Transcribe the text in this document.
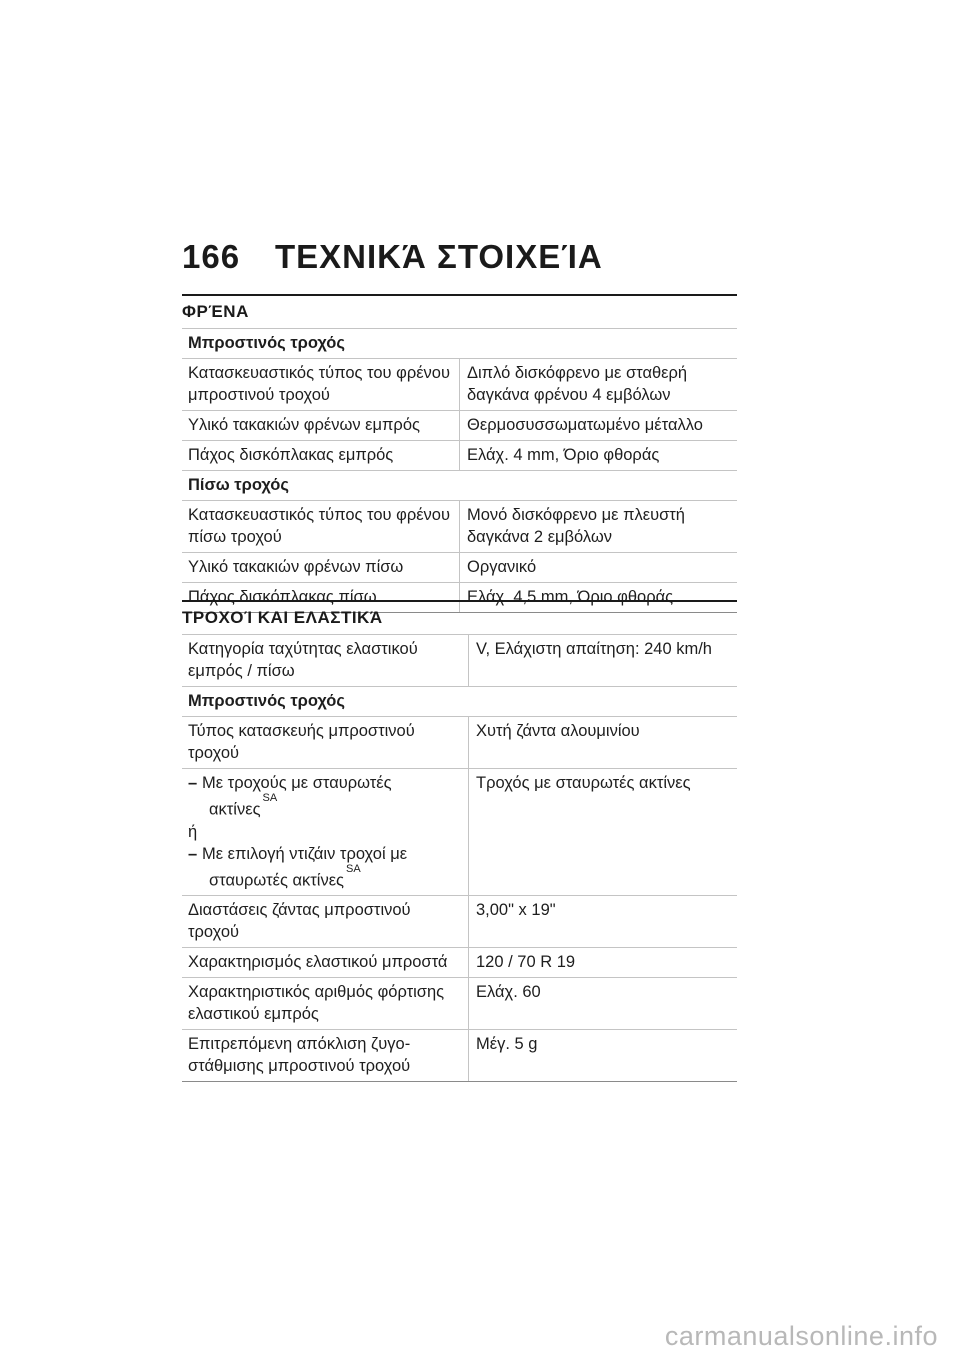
166 ΤΕΧΝΙΚΆ ΣΤΟΙΧΕΊΑ
ΦΡΈΝΑ
Μπροστινός τροχός	
Κατασκευαστικός τύπος του φρένου μπροστινού τροχού	Διπλό δισκόφρενο με σταθερή δαγκάνα φρένου 4 εμβόλων
Υλικό τακακιών φρένων εμπρός	Θερμοσυσσωματωμένο μέταλλο
Πάχος δισκόπλακας εμπρός	Ελάχ. 4 mm, Όριο φθοράς
Πίσω τροχός	
Κατασκευαστικός τύπος του φρένου πίσω τροχού	Μονό δισκόφρενο με πλευστή δαγκάνα 2 εμβόλων
Υλικό τακακιών φρένων πίσω	Οργανικό
Πάχος δισκόπλακας πίσω	Ελάχ. 4,5 mm, Όριο φθοράς
ΤΡΟΧΟΊ ΚΑΙ ΕΛΑΣΤΙΚΆ
Κατηγορία ταχύτητας ελαστικού εμπρός / πίσω	V, Ελάχιστη απαίτηση: 240 km/h
Μπροστινός τροχός	
Τύπος κατασκευής μπροστινού τροχού	Χυτή ζάντα αλουμινίου

– Με τροχούς με σταυρωτές ακτίνες$^{SA}$
ή
– Με επιλογή ντιζάιν τροχοί με σταυρωτές ακτίνες$^{SA}$	Τροχός με σταυρωτές ακτίνες
Διαστάσεις ζάντας μπροστινού τροχού	3,00" x 19"
Χαρακτηρισμός ελαστικού μπροστά	120 / 70 R 19
Χαρακτηριστικός αριθμός φόρτισης ελαστικού εμπρός	Ελάχ. 60
Επιτρεπόμενη απόκλιση ζυγοστάθμισης μπροστινού τροχού	Μέγ. 5 g
carmanualsonline.info
